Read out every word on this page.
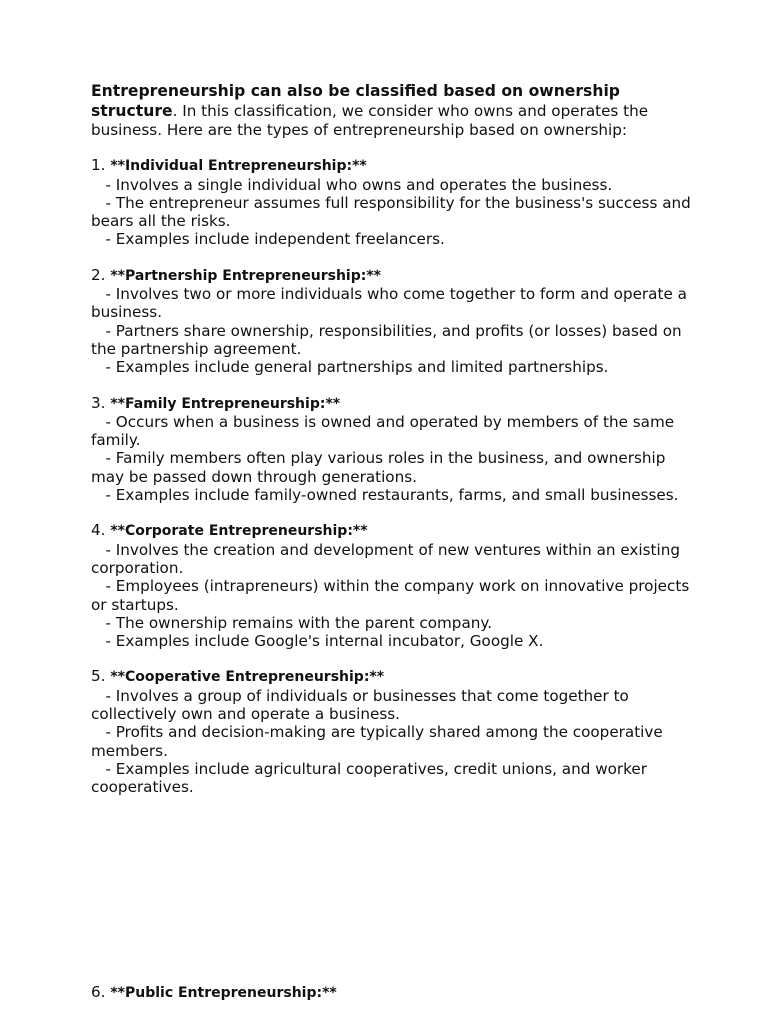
Entrepreneurship can also be classified based on ownership structure. In this classification, we consider who owns and operates the business. Here are the types of entrepreneurship based on ownership:

1. **Individual Entrepreneurship:**

- Involves a single individual who owns and operates the business.

- The entrepreneur assumes full responsibility for the business's success and bears all the risks.

- Examples include independent freelancers.

2. **Partnership Entrepreneurship:**

- Involves two or more individuals who come together to form and operate a business.

- Partners share ownership, responsibilities, and profits (or losses) based on the partnership agreement.

- Examples include general partnerships and limited partnerships.

3. **Family Entrepreneurship:**

- Occurs when a business is owned and operated by members of the same family.

- Family members often play various roles in the business, and ownership may be passed down through generations.

- Examples include family-owned restaurants, farms, and small businesses.

4. **Corporate Entrepreneurship:**

- Involves the creation and development of new ventures within an existing corporation.

- Employees (intrapreneurs) within the company work on innovative projects or startups.

- The ownership remains with the parent company.

- Examples include Google's internal incubator, Google X.

5. **Cooperative Entrepreneurship:**

- Involves a group of individuals or businesses that come together to collectively own and operate a business.

- Profits and decision-making are typically shared among the cooperative members.

- Examples include agricultural cooperatives, credit unions, and worker cooperatives.

6. **Public Entrepreneurship:**
